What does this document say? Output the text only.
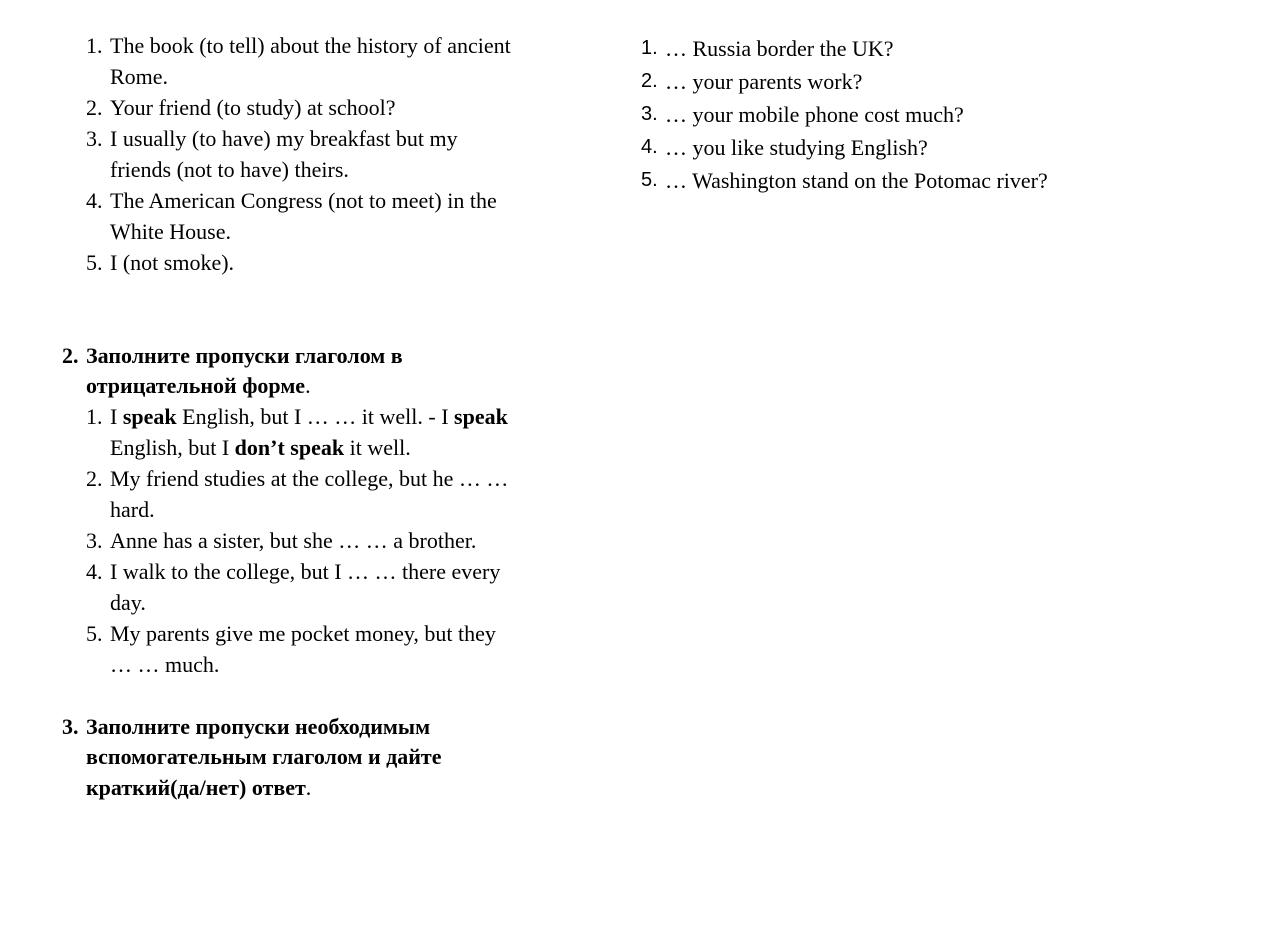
1. The book (to tell) about the history of ancient
Rome.
2. Your friend (to study) at school?
3. I usually (to have) my breakfast but my
friends (not to have) theirs.
4. The American Congress (not to meet) in the
White House.
5. I (not smoke).
2. Заполните пропуски глаголом в
отрицательной форме.
1. I speak English, but I … … it well. - I speak
English, but I don’t speak it well.
2. My friend studies at the college, but he … …
hard.
3. Anne has a sister, but she … … a brother.
4. I walk to the college, but I … … there every
day.
5. My parents give me pocket money, but they
… … much.
3. Заполните пропуски необходимым
вспомогательным глаголом и дайте
краткий(да/нет) ответ.
1. … Russia border the UK?
2. … your parents work?
3. … your mobile phone cost much?
4. … you like studying English?
5. … Washington stand on the Potomac river?
